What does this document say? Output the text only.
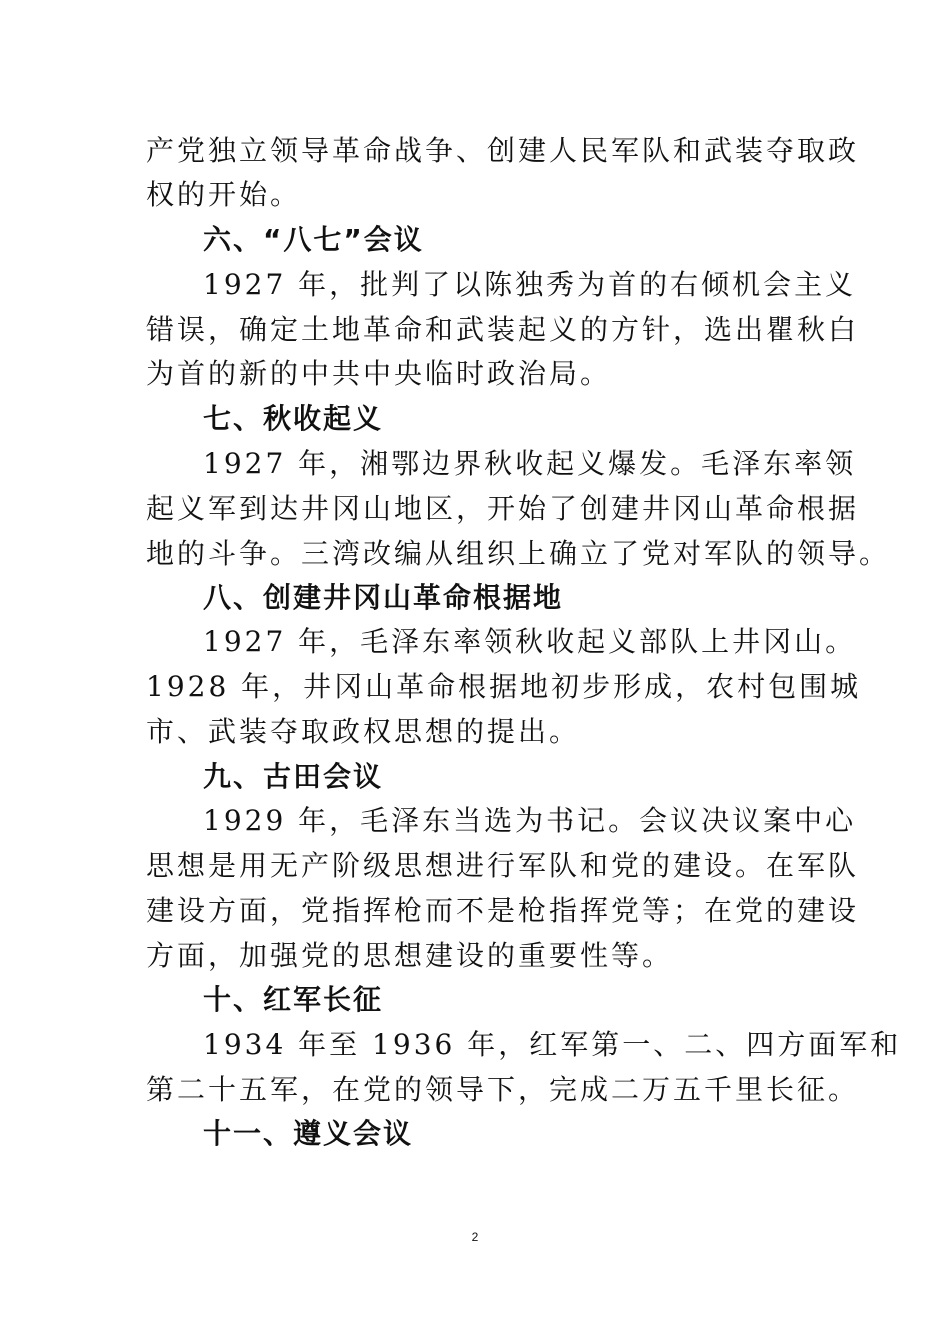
产党独立领导革命战争、创建人民军队和武装夺取政
权的开始。
六、“八七”会议
1927 年，批判了以陈独秀为首的右倾机会主义
错误，确定土地革命和武装起义的方针，选出瞿秋白
为首的新的中共中央临时政治局。
七、秋收起义
1927 年，湘鄂边界秋收起义爆发。毛泽东率领
起义军到达井冈山地区，开始了创建井冈山革命根据
地的斗争。三湾改编从组织上确立了党对军队的领导。
八、创建井冈山革命根据地
1927 年，毛泽东率领秋收起义部队上井冈山。
1928 年，井冈山革命根据地初步形成，农村包围城
市、武装夺取政权思想的提出。
九、古田会议
1929 年，毛泽东当选为书记。会议决议案中心
思想是用无产阶级思想进行军队和党的建设。在军队
建设方面，党指挥枪而不是枪指挥党等；在党的建设
方面，加强党的思想建设的重要性等。
十、红军长征
1934 年至 1936 年，红军第一、二、四方面军和
第二十五军，在党的领导下，完成二万五千里长征。
十一、遵义会议
2
